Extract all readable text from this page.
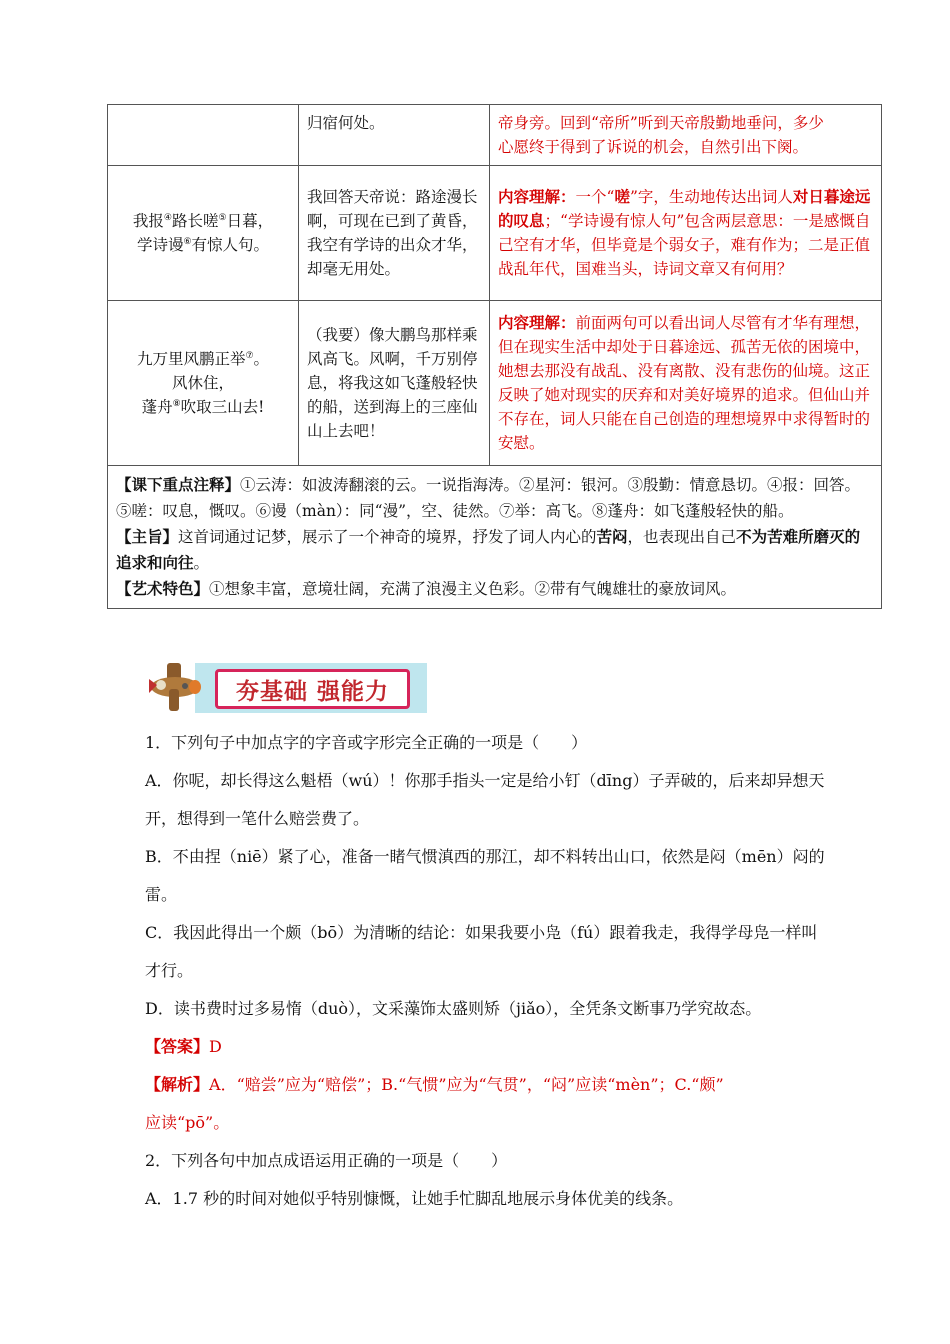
	归宿何处。	帝身旁。回到“帝所”听到天帝殷勤地垂问，多少
心愿终于得到了诉说的机会，自然引出下阕。

我报④路长嗟⑤日暮，
学诗谩⑥有惊人句。	我回答天帝说：路途漫长啊，可现在已到了黄昏，我空有学诗的出众才华，却毫无用处。	内容理解：一个“嗟”字，生动地传达出词人对日暮途远的叹息；“学诗谩有惊人句”包含两层意思：一是感慨自己空有才华，但毕竟是个弱女子，难有作为；二是正值战乱年代，国难当头，诗词文章又有何用？

九万里风鹏正举⑦。
风休住，
蓬舟⑧吹取三山去!	（我要）像大鹏鸟那样乘风高飞。风啊，千万别停息，将我这如飞蓬般轻快的船，送到海上的三座仙山上去吧！	内容理解：前面两句可以看出词人尽管有才华有理想，但在现实生活中却处于日暮途远、孤苦无依的困境中，她想去那没有战乱、没有离散、没有悲伤的仙境。这正反映了她对现实的厌弃和对美好境界的追求。但仙山并不存在，词人只能在自己创造的理想境界中求得暂时的安慰。

【课下重点注释】①云涛：如波涛翻滚的云。一说指海涛。②星河：银河。③殷勤：情意恳切。④报：回答。⑤嗟：叹息，慨叹。⑥谩（màn）：同“漫”，空、徒然。⑦举：高飞。⑧蓬舟：如飞蓬般轻快的船。

【主旨】这首词通过记梦，展示了一个神奇的境界，抒发了词人内心的苦闷，也表现出自己不为苦难所磨灭的追求和向往。

【艺术特色】①想象丰富，意境壮阔，充满了浪漫主义色彩。②带有气魄雄壮的豪放词风。		

夯基础 强能力
1．下列句子中加点字的字音或字形完全正确的一项是（　　）
A．你呢，却长得这么魁梧（wú）！你那手指头一定是给小钉（dīng）子弄破的，后来却异想天
开，想得到一笔什么赔尝费了。
B．不由捏（niē）紧了心，准备一睹气惯滇西的那江，却不料转出山口，依然是闷（mēn）闷的
雷。
C．我因此得出一个颇（bō）为清晰的结论：如果我要小凫（fú）跟着我走，我得学母凫一样叫
才行。
D．读书费时过多易惰（duò），文采藻饰太盛则矫（jiǎo），全凭条文断事乃学究故态。
【答案】D
【解析】A．“赔尝”应为“赔偿”；B.“气惯”应为“气贯”，“闷”应读“mèn”；C.“颇”
应读“pō”。
2．下列各句中加点成语运用正确的一项是（　　）
A．1.7 秒的时间对她似乎特别慷慨，让她手忙脚乱地展示身体优美的线条。
